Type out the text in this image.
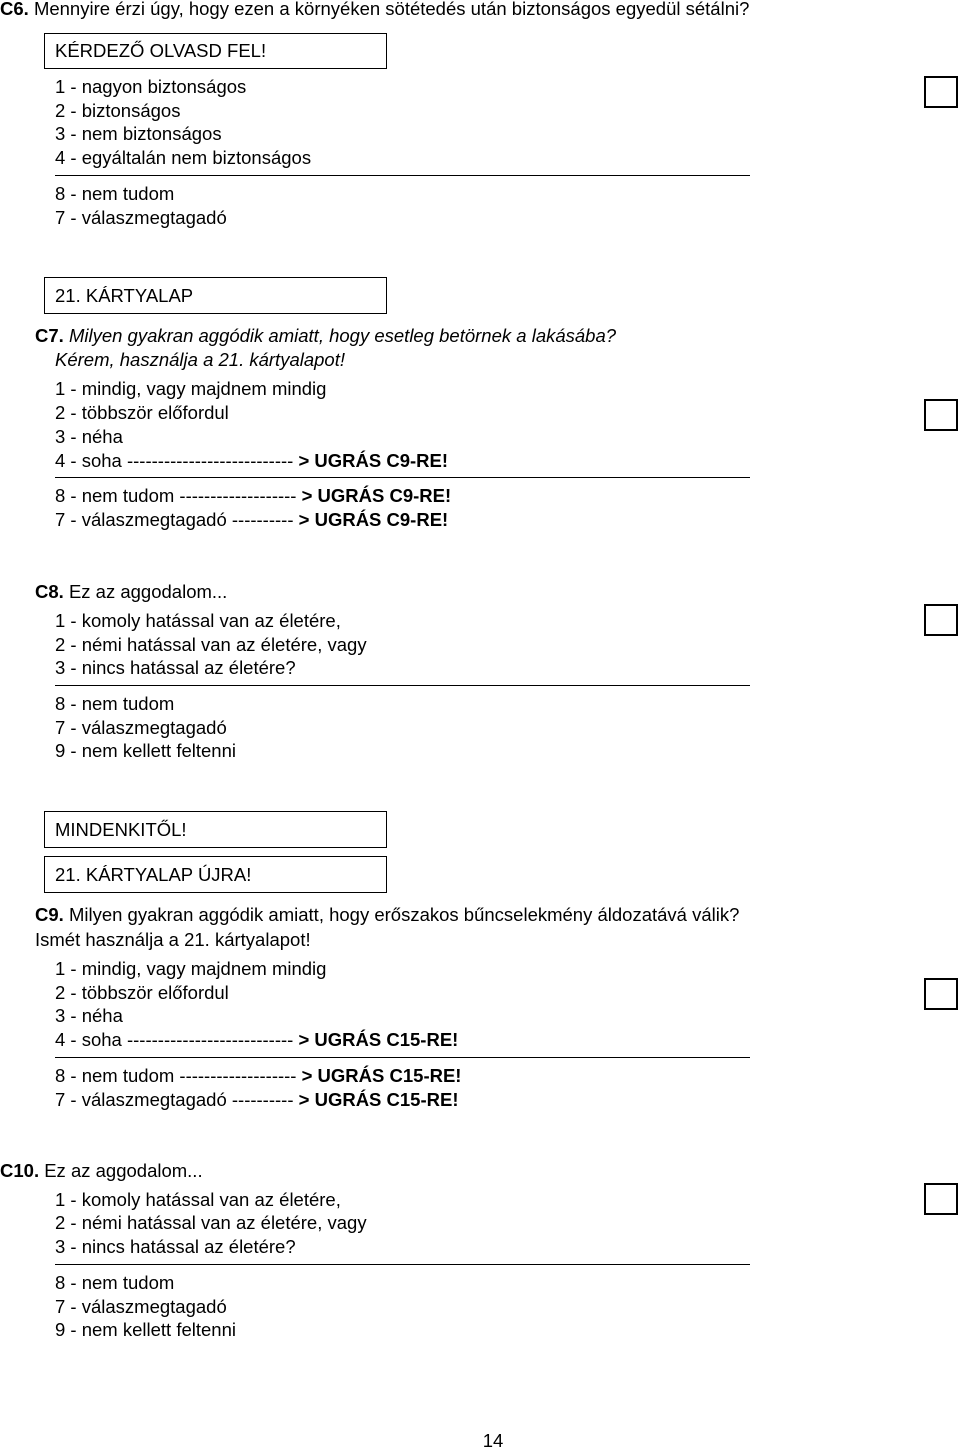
C6. Mennyire érzi úgy, hogy ezen a környéken sötétedés után biztonságos egyedül sétálni?
KÉRDEZŐ OLVASD FEL!
1 - nagyon biztonságos
2 - biztonságos
3 - nem biztonságos
4 - egyáltalán nem biztonságos
8 - nem tudom
7 - válaszmegtagadó
21. KÁRTYALAP
C7. Milyen gyakran aggódik amiatt, hogy esetleg betörnek a lakásába?
Kérem, használja a 21. kártyalapot!
1 - mindig, vagy majdnem mindig
2 - többször előfordul
3 - néha
4 - soha --------------------------- > UGRÁS C9-RE!
8 - nem tudom ------------------- > UGRÁS C9-RE!
7 - válaszmegtagadó ---------- > UGRÁS C9-RE!
C8. Ez az aggodalom...
1 - komoly hatással van az életére,
2 - némi hatással van az életére, vagy
3 - nincs hatással az életére?
8 - nem tudom
7 - válaszmegtagadó
9 - nem kellett feltenni
MINDENKITŐL!
21. KÁRTYALAP ÚJRA!
C9. Milyen gyakran aggódik amiatt, hogy erőszakos bűncselekmény áldozatává válik?
Ismét használja a 21. kártyalapot!
1 - mindig, vagy majdnem mindig
2 - többször előfordul
3 - néha
4 - soha --------------------------- > UGRÁS C15-RE!
8 - nem tudom ------------------- > UGRÁS C15-RE!
7 - válaszmegtagadó ---------- > UGRÁS C15-RE!
C10. Ez az aggodalom...
1 - komoly hatással van az életére,
2 - némi hatással van az életére, vagy
3 - nincs hatással az életére?
8 - nem tudom
7 - válaszmegtagadó
9 - nem kellett feltenni
14
